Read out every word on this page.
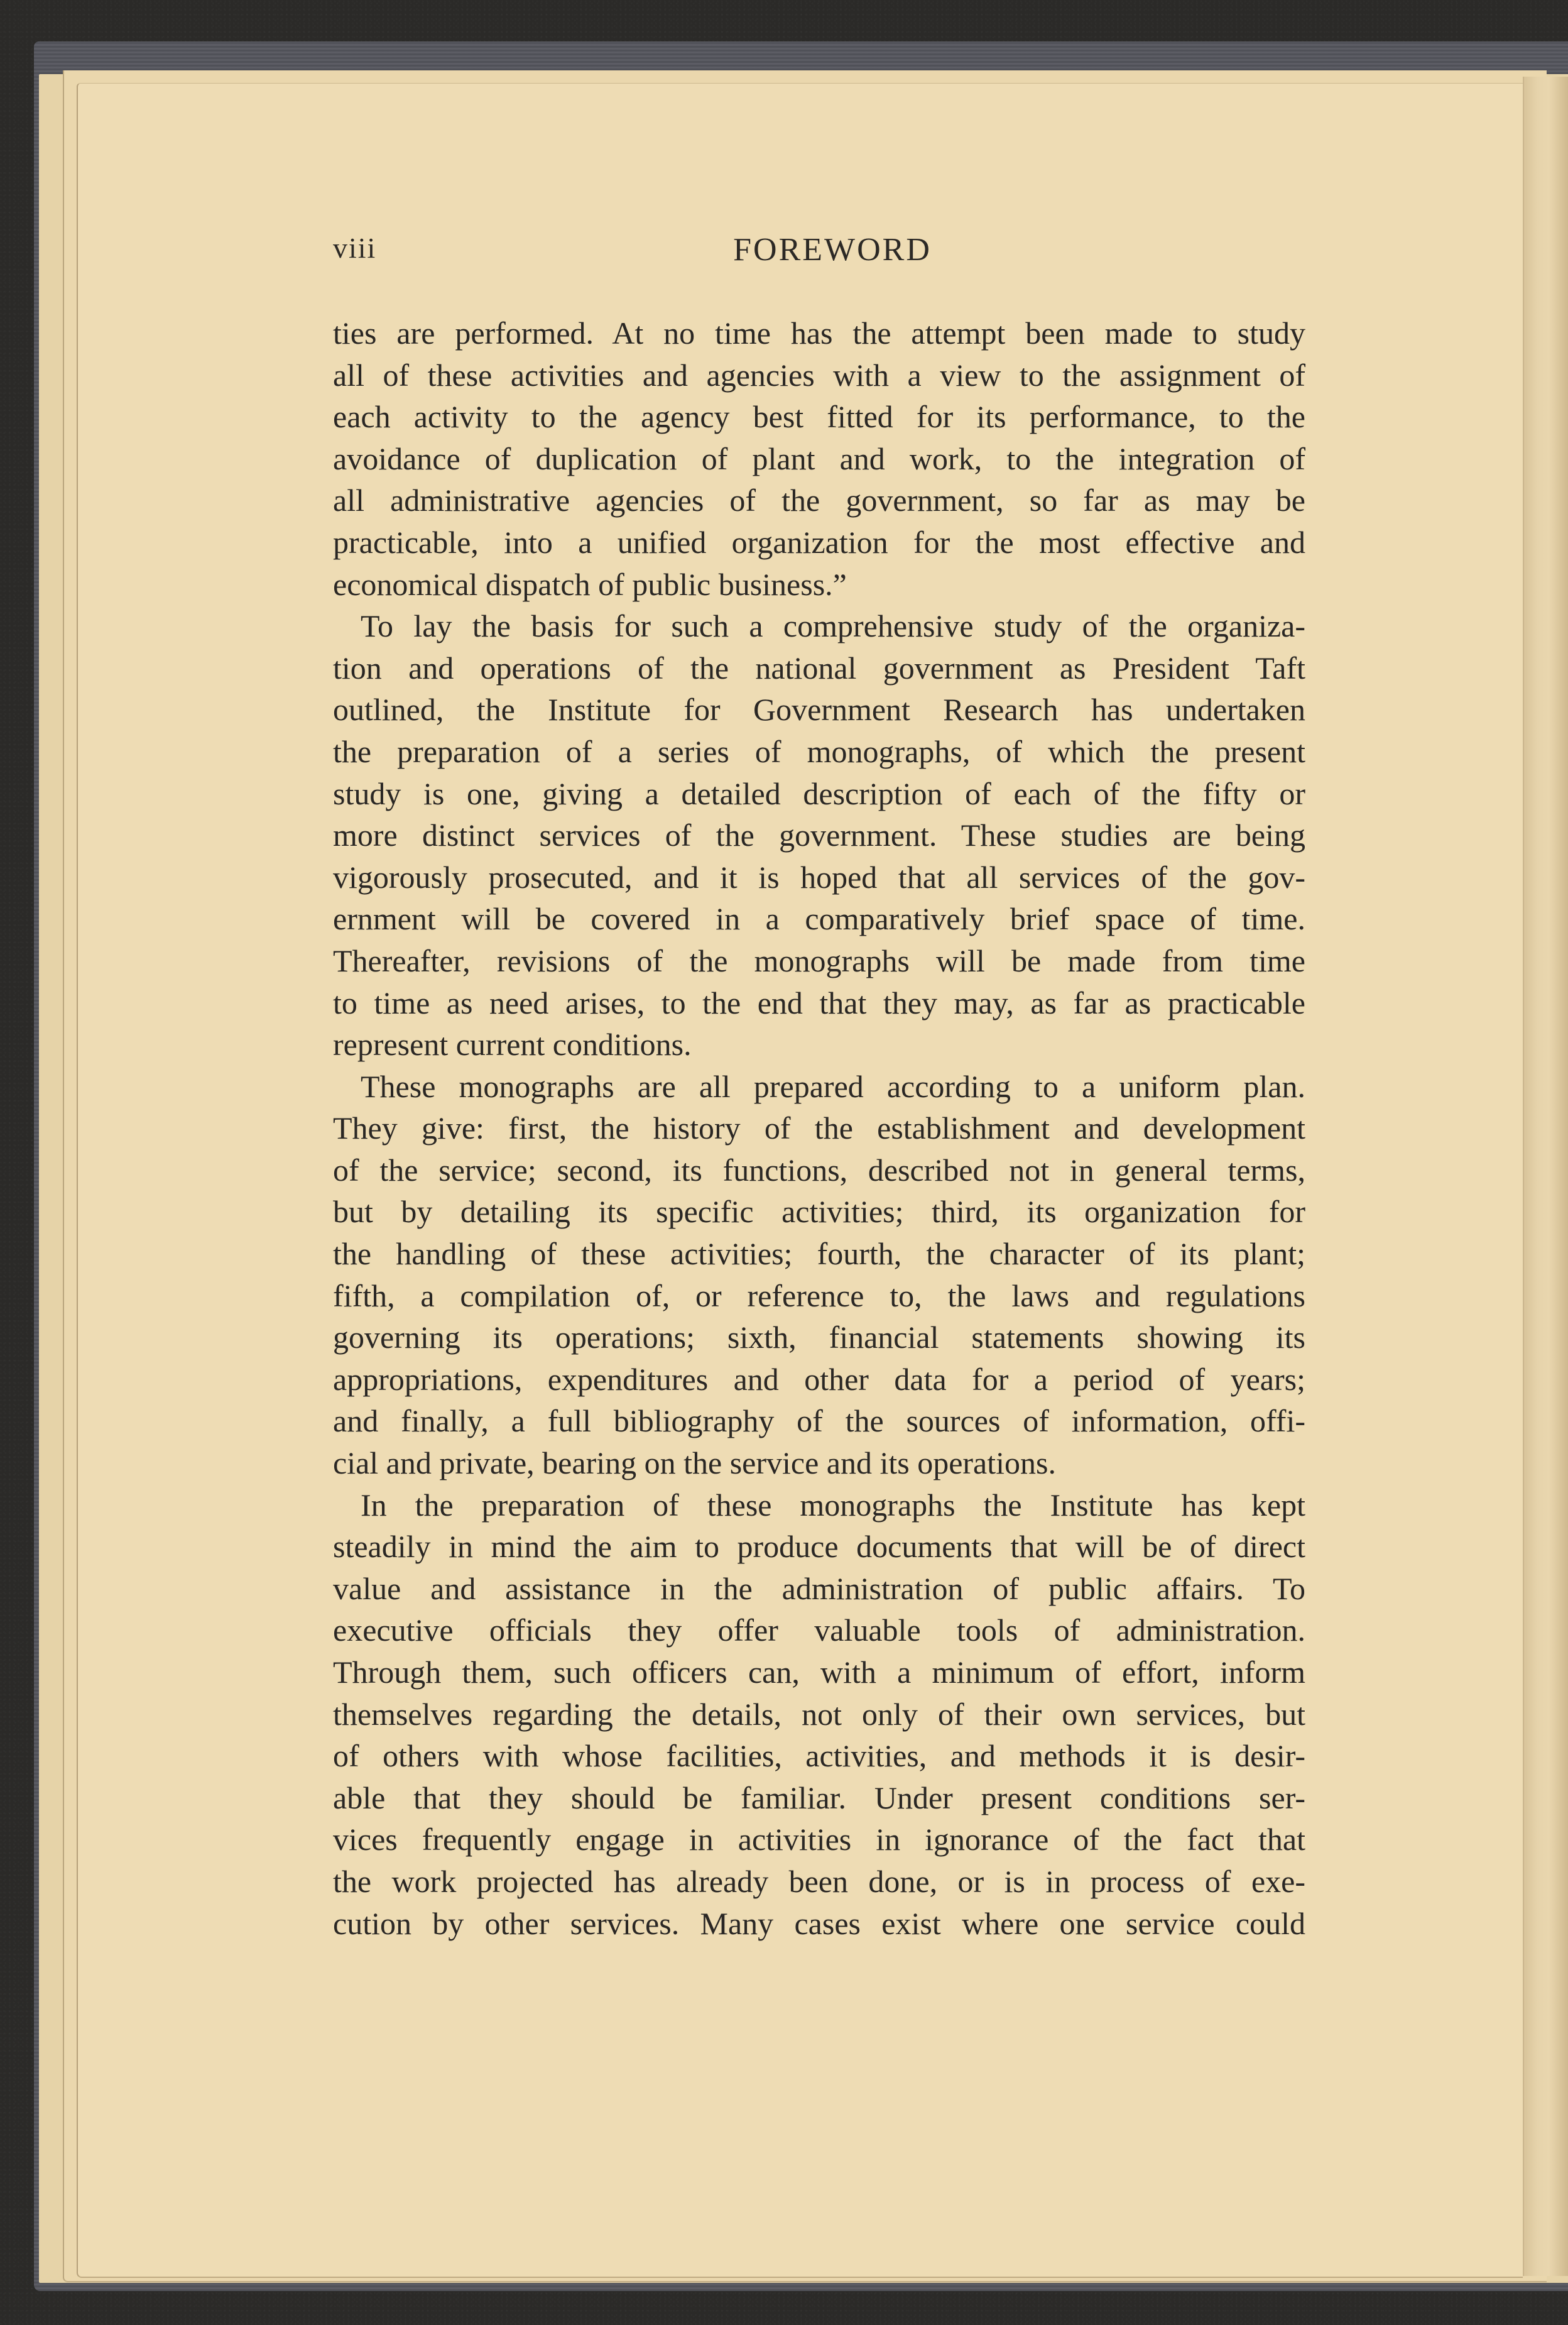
viii	FOREWORD
ties are performed. At no time has the attempt been made to study
all of these activities and agencies with a view to the assignment of
each activity to the agency best fitted for its performance, to the
avoidance of duplication of plant and work, to the integration of
all administrative agencies of the government, so far as may be
practicable, into a unified organization for the most effective and
economical dispatch of public business.”
To lay the basis for such a comprehensive study of the organiza-
tion and operations of the national government as President Taft
outlined, the Institute for Government Research has undertaken
the preparation of a series of monographs, of which the present
study is one, giving a detailed description of each of the fifty or
more distinct services of the government. These studies are being
vigorously prosecuted, and it is hoped that all services of the gov-
ernment will be covered in a comparatively brief space of time.
Thereafter, revisions of the monographs will be made from time
to time as need arises, to the end that they may, as far as practicable
represent current conditions.
These monographs are all prepared according to a uniform plan.
They give: first, the history of the establishment and development
of the service; second, its functions, described not in general terms,
but by detailing its specific activities; third, its organization for
the handling of these activities; fourth, the character of its plant;
fifth, a compilation of, or reference to, the laws and regulations
governing its operations; sixth, financial statements showing its
appropriations, expenditures and other data for a period of years;
and finally, a full bibliography of the sources of information, offi-
cial and private, bearing on the service and its operations.
In the preparation of these monographs the Institute has kept
steadily in mind the aim to produce documents that will be of direct
value and assistance in the administration of public affairs. To
executive officials they offer valuable tools of administration.
Through them, such officers can, with a minimum of effort, inform
themselves regarding the details, not only of their own services, but
of others with whose facilities, activities, and methods it is desir-
able that they should be familiar. Under present conditions ser-
vices frequently engage in activities in ignorance of the fact that
the work projected has already been done, or is in process of exe-
cution by other services. Many cases exist where one service could
